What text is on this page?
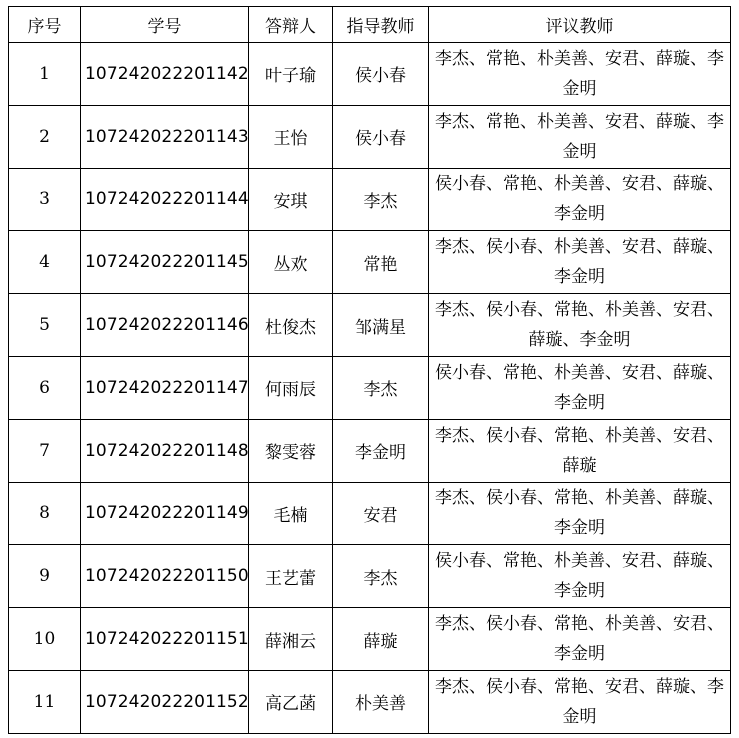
序号	学号	答辩人	指导教师	评议教师
1	107242022201142	叶子瑜	侯小春	李杰、常艳、朴美善、安君、薛璇、李金明
2	107242022201143	王怡	侯小春	李杰、常艳、朴美善、安君、薛璇、李金明
3	107242022201144	安琪	李杰	侯小春、常艳、朴美善、安君、薛璇、李金明
4	107242022201145	丛欢	常艳	李杰、侯小春、朴美善、安君、薛璇、李金明
5	107242022201146	杜俊杰	邹满星	李杰、侯小春、常艳、朴美善、安君、薛璇、李金明
6	107242022201147	何雨辰	李杰	侯小春、常艳、朴美善、安君、薛璇、李金明
7	107242022201148	黎雯蓉	李金明	李杰、侯小春、常艳、朴美善、安君、薛璇
8	107242022201149	毛楠	安君	李杰、侯小春、常艳、朴美善、薛璇、李金明
9	107242022201150	王艺蕾	李杰	侯小春、常艳、朴美善、安君、薛璇、李金明
10	107242022201151	薛湘云	薛璇	李杰、侯小春、常艳、朴美善、安君、李金明
11	107242022201152	高乙菡	朴美善	李杰、侯小春、常艳、安君、薛璇、李金明
